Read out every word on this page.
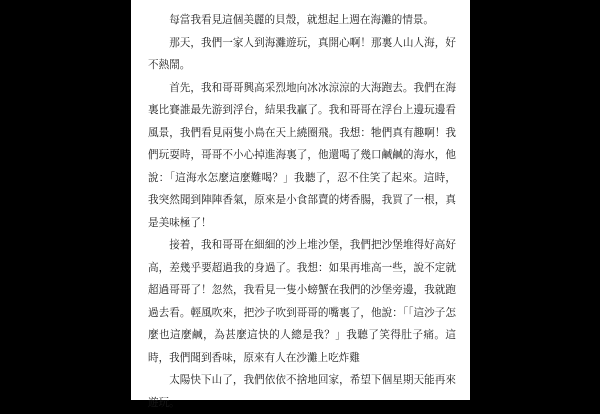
每當我看見這個美麗的貝殼，就想起上週在海灘的情景。

那天，我們一家人到海灘遊玩，真開心啊！那裏人山人海，好不熱鬧。

首先，我和哥哥興高采烈地向冰冰涼涼的大海跑去。我們在海裏比賽誰最先游到浮台，結果我贏了。我和哥哥在浮台上邊玩邊看風景，我們看見兩隻小鳥在天上繞圈飛。我想：牠們真有趣啊！我們玩耍時，哥哥不小心掉進海裏了，他還喝了幾口鹹鹹的海水，他說：「這海水怎麼這麼難喝？」我聽了，忍不住笑了起來。這時，我突然聞到陣陣香氣，原來是小食部賣的烤香腸，我買了一根，真是美味極了！

接着，我和哥哥在細細的沙上堆沙堡，我們把沙堡堆得好高好高，差幾乎要超過我的身過了。我想：如果再堆高一些，說不定就超過哥哥了！忽然，我看見一隻小螃蟹在我們的沙堡旁邊，我就跑過去看。輕風吹來，把沙子吹到哥哥的嘴裏了，他說：「「這沙子怎麼也這麼鹹，為甚麼這快的人總是我？」我聽了笑得肚子痛。這時，我們聞到香味，原來有人在沙灘上吃炸雞

太陽快下山了，我們依依不捨地回家，希望下個星期天能再來遊玩。
